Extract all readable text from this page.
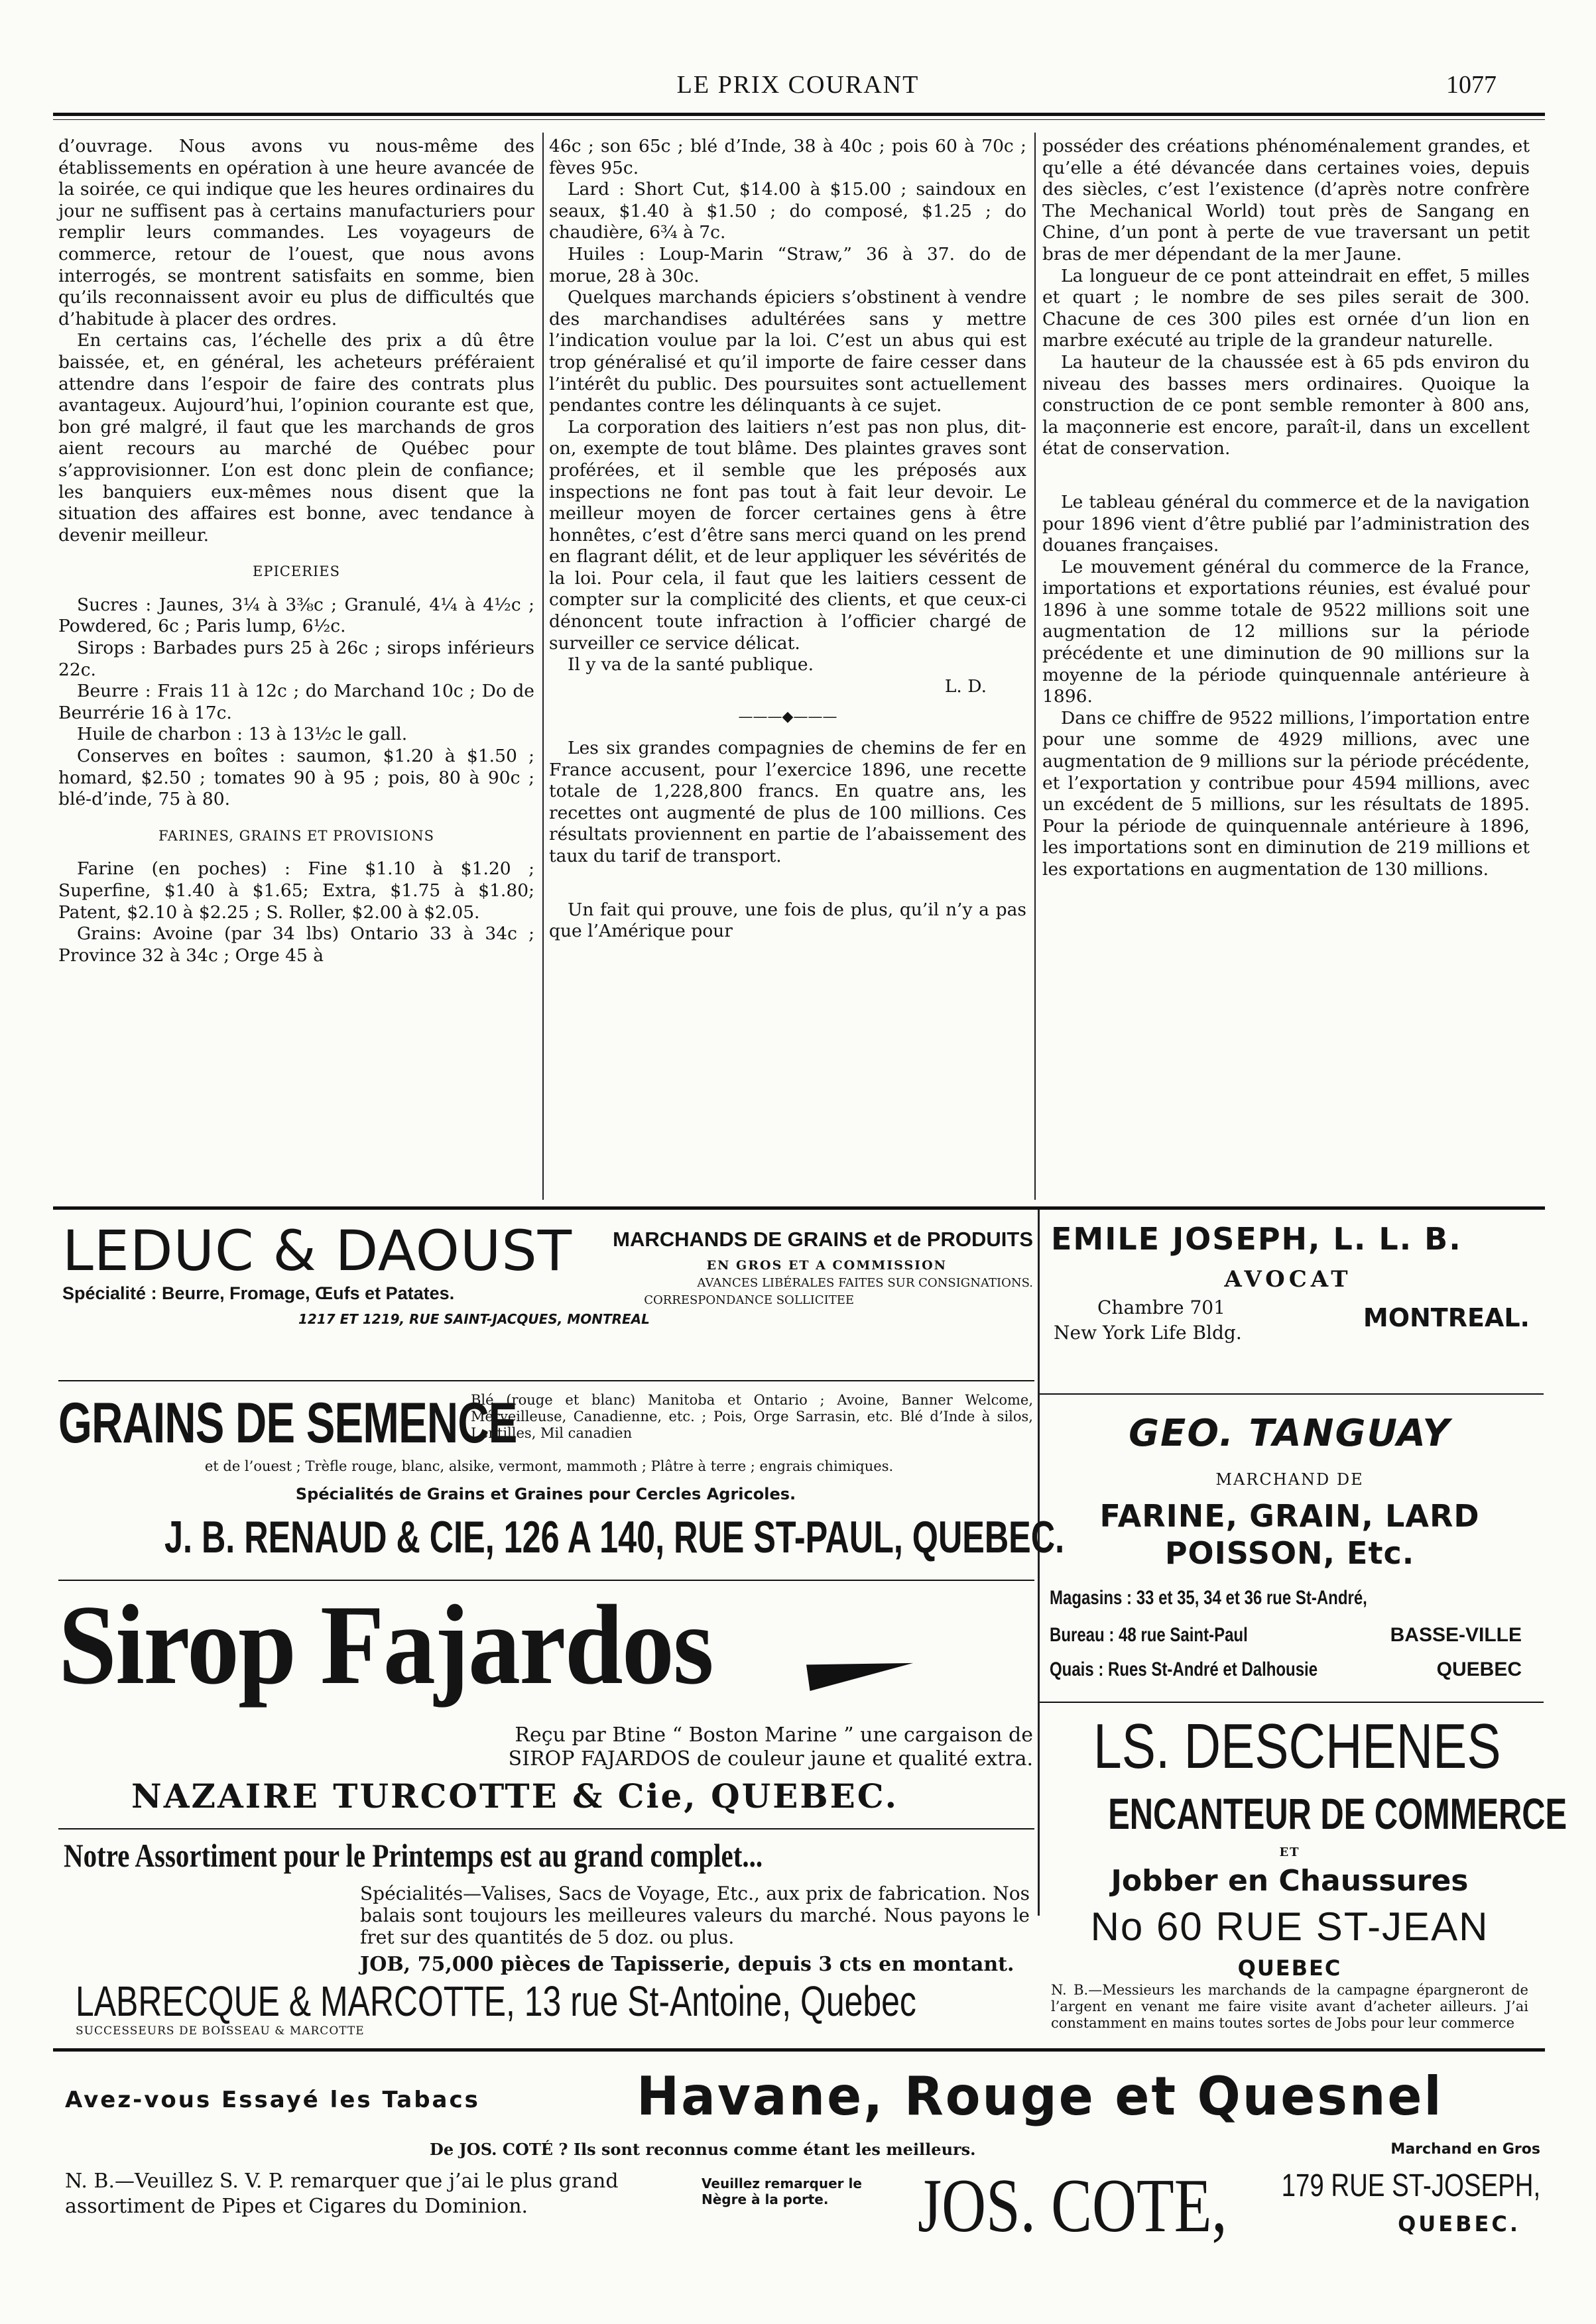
LE PRIX COURANT	1077

d’ouvrage. Nous avons vu nous-même des établissements en opération à une heure avancée de la soirée, ce qui indique que les heures ordinaires du jour ne suffisent pas à certains manufacturiers pour remplir leurs commandes. Les voyageurs de commerce, retour de l’ouest, que nous avons interrogés, se montrent satisfaits en somme, bien qu’ils reconnaissent avoir eu plus de difficultés que d’habitude à placer des ordres.

En certains cas, l’échelle des prix a dû être baissée, et, en général, les acheteurs préféraient attendre dans l’espoir de faire des contrats plus avantageux. Aujourd’hui, l’opinion courante est que, bon gré malgré, il faut que les marchands de gros aient recours au marché de Québec pour s’approvisionner. L’on est donc plein de confiance; les banquiers eux-mêmes nous disent que la situation des affaires est bonne, avec tendance à devenir meilleur.

EPICERIES

Sucres : Jaunes, 3¼ à 3⅜c ; Granulé, 4¼ à 4½c ; Powdered, 6c ; Paris lump, 6½c.

Sirops : Barbades purs 25 à 26c ; sirops inférieurs 22c.

Beurre : Frais 11 à 12c ; do Marchand 10c ; Do de Beurrérie 16 à 17c.

Huile de charbon : 13 à 13½c le gall.

Conserves en boîtes : saumon, $1.20 à $1.50 ; homard, $2.50 ; tomates 90 à 95 ; pois, 80 à 90c ; blé-d’inde, 75 à 80.

FARINES, GRAINS ET PROVISIONS

Farine (en poches) : Fine $1.10 à $1.20 ; Superfine, $1.40 à $1.65; Extra, $1.75 à $1.80; Patent, $2.10 à $2.25 ; S. Roller, $2.00 à $2.05.

Grains: Avoine (par 34 lbs) Ontario 33 à 34c ; Province 32 à 34c ; Orge 45 à

46c ; son 65c ; blé d’Inde, 38 à 40c ; pois 60 à 70c ; fèves 95c.

Lard : Short Cut, $14.00 à $15.00 ; saindoux en seaux, $1.40 à $1.50 ; do composé, $1.25 ; do chaudière, 6¾ à 7c.

Huiles : Loup-Marin “Straw,” 36 à 37. do de morue, 28 à 30c.

Quelques marchands épiciers s’obstinent à vendre des marchandises adultérées sans y mettre l’indication voulue par la loi. C’est un abus qui est trop généralisé et qu’il importe de faire cesser dans l’intérêt du public. Des poursuites sont actuellement pendantes contre les délinquants à ce sujet.

La corporation des laitiers n’est pas non plus, dit-on, exempte de tout blâme. Des plaintes graves sont proférées, et il semble que les préposés aux inspections ne font pas tout à fait leur devoir. Le meilleur moyen de forcer certaines gens à être honnêtes, c’est d’être sans merci quand on les prend en flagrant délit, et de leur appliquer les sévérités de la loi. Pour cela, il faut que les laitiers cessent de compter sur la complicité des clients, et que ceux-ci dénoncent toute infraction à l’officier chargé de surveiller ce service délicat.

Il y va de la santé publique.

L. D.

———◆———

Les six grandes compagnies de chemins de fer en France accusent, pour l’exercice 1896, une recette totale de 1,228,800 francs. En quatre ans, les recettes ont augmenté de plus de 100 millions. Ces résultats proviennent en partie de l’abaissement des taux du tarif de transport.

Un fait qui prouve, une fois de plus, qu’il n’y a pas que l’Amérique pour

posséder des créations phénoménalement grandes, et qu’elle a été dévancée dans certaines voies, depuis des siècles, c’est l’existence (d’après notre confrère The Mechanical World) tout près de Sangang en Chine, d’un pont à perte de vue traversant un petit bras de mer dépendant de la mer Jaune.

La longueur de ce pont atteindrait en effet, 5 milles et quart ; le nombre de ses piles serait de 300. Chacune de ces 300 piles est ornée d’un lion en marbre exécuté au triple de la grandeur naturelle.

La hauteur de la chaussée est à 65 pds environ du niveau des basses mers ordinaires. Quoique la construction de ce pont semble remonter à 800 ans, la maçonnerie est encore, paraît-il, dans un excellent état de conservation.

Le tableau général du commerce et de la navigation pour 1896 vient d’être publié par l’administration des douanes françaises.

Le mouvement général du commerce de la France, importations et exportations réunies, est évalué pour 1896 à une somme totale de 9522 millions soit une augmentation de 12 millions sur la période précédente et une diminution de 90 millions sur la moyenne de la période quinquennale antérieure à 1896.

Dans ce chiffre de 9522 millions, l’importation entre pour une somme de 4929 millions, avec une augmentation de 9 millions sur la période précédente, et l’exportation y contribue pour 4594 millions, avec un excédent de 5 millions, sur les résultats de 1895. Pour la période de quinquennale antérieure à 1896, les importations sont en diminution de 219 millions et les exportations en augmentation de 130 millions.

LEDUC & DAOUST MARCHANDS DE GRAINS et de PRODUITS
EN GROS ET A COMMISSION
AVANCES LIBÉRALES FAITES SUR CONSIGNATIONS.
CORRESPONDANCE SOLLICITEE
Spécialité : Beurre, Fromage, Œufs et Patates.
1217 ET 1219, RUE SAINT-JACQUES, MONTREAL
EMILE JOSEPH, L. L. B.
AVOCAT
Chambre 701
New York Life Bldg.
MONTREAL.
GRAINS DE SEMENCE
Blé (rouge et blanc) Manitoba et Ontario ; Avoine, Banner Welcome, Mérveilleuse, Canadienne, etc. ; Pois, Orge Sarrasin, etc. Blé d’Inde à silos, Lentilles, Mil canadien
et de l’ouest ; Trèfle rouge, blanc, alsike, vermont, mammoth ; Plâtre à terre ; engrais chimiques.
Spécialités de Grains et Graines pour Cercles Agricoles.
J. B. RENAUD & CIE, 126 A 140, RUE ST-PAUL, QUEBEC.
GEO. TANGUAY
MARCHAND DE
FARINE, GRAIN, LARD
POISSON, Etc.
Magasins : 33 et 35, 34 et 36 rue St-André,
Bureau : 48 rue Saint-Paul	BASSE-VILLE
Quais : Rues St-André et Dalhousie	QUEBEC
Sirop Fajardos
Reçu par Btine “ Boston Marine ” une cargaison de
SIROP FAJARDOS de couleur jaune et qualité extra.
NAZAIRE TURCOTTE & Cie, QUEBEC.
LS. DESCHENES
ENCANTEUR DE COMMERCE
ET
Jobber en Chaussures
No 60 RUE ST-JEAN
QUEBEC
N. B.—Messieurs les marchands de la campagne épargneront de l’argent en venant me faire visite avant d’acheter ailleurs. J’ai constamment en mains toutes sortes de Jobs pour leur commerce
Notre Assortiment pour le Printemps est au grand complet...
Spécialités—Valises, Sacs de Voyage, Etc., aux prix de fabrication. Nos balais sont toujours les meilleures valeurs du marché. Nous payons le fret sur des quantités de 5 doz. ou plus.
JOB, 75,000 pièces de Tapisserie, depuis 3 cts en montant.
LABRECQUE & MARCOTTE, 13 rue St-Antoine, Quebec
SUCCESSEURS DE BOISSEAU & MARCOTTE
Avez-vous Essayé les Tabacs	Havane, Rouge et Quesnel
De JOS. COTÉ ? Ils sont reconnus comme étant les meilleurs.	Marchand en Gros
N. B.—Veuillez S. V. P. remarquer que j’ai le plus grand assortiment de Pipes et Cigares du Dominion.
Veuillez remarquer le Nègre à la porte.	JOS. COTE, 179 RUE ST-JOSEPH,
QUEBEC.
